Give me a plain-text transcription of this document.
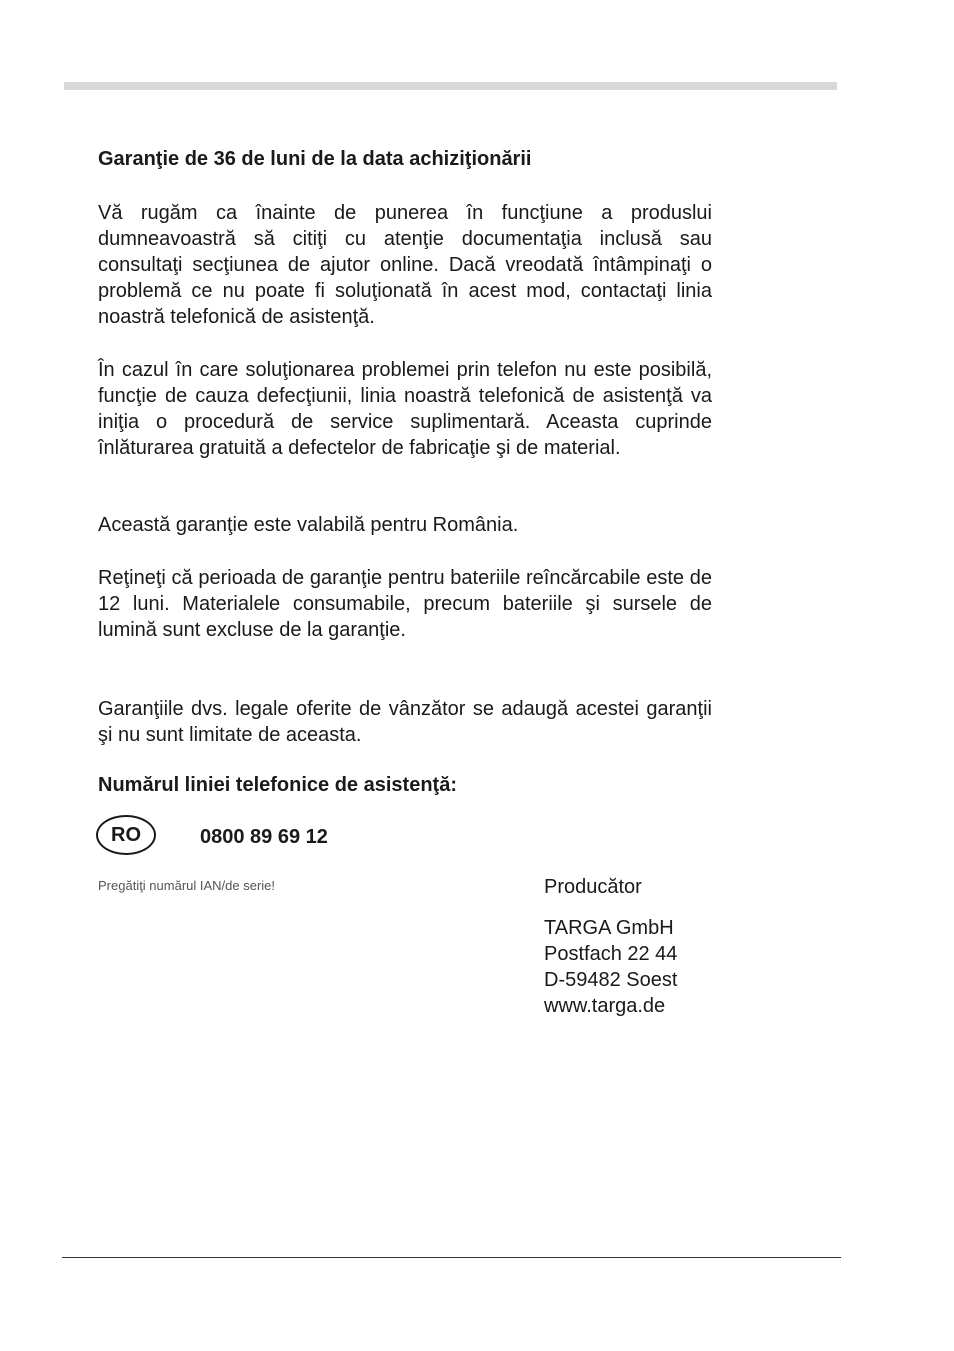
Garanţie de 36 de luni de la data achiziţionării

Vă rugăm ca înainte de punerea în funcţiune a produslui dumneavoastră să citiţi cu atenţie documentaţia inclusă sau consultaţi secţiunea de ajutor online. Dacă vreodată întâmpinaţi o problemă ce nu poate fi soluţionată în acest mod, contactaţi linia noastră telefonică de asistenţă.

În cazul în care soluţionarea problemei prin telefon nu este posibilă, funcţie de cauza defecţiunii, linia noastră telefonică de asistenţă va iniţia o procedură de service suplimentară. Aceasta cuprinde înlăturarea gratuită a defectelor de fabricaţie şi de material.

Această garanţie este valabilă pentru România.

Reţineţi că perioada de garanţie pentru bateriile reîncărcabile este de 12 luni. Materialele consumabile, precum bateriile şi sursele de lumină sunt excluse de la garanţie.

Garanţiile dvs. legale oferite de vânzător se adaugă acestei garanţii şi nu sunt limitate de aceasta.

Numărul liniei telefonice de asistenţă:
RO	0800 89 69 12
Pregătiţi numărul IAN/de serie!	Producător
TARGA GmbH
Postfach 22 44
D-59482 Soest
www.targa.de
